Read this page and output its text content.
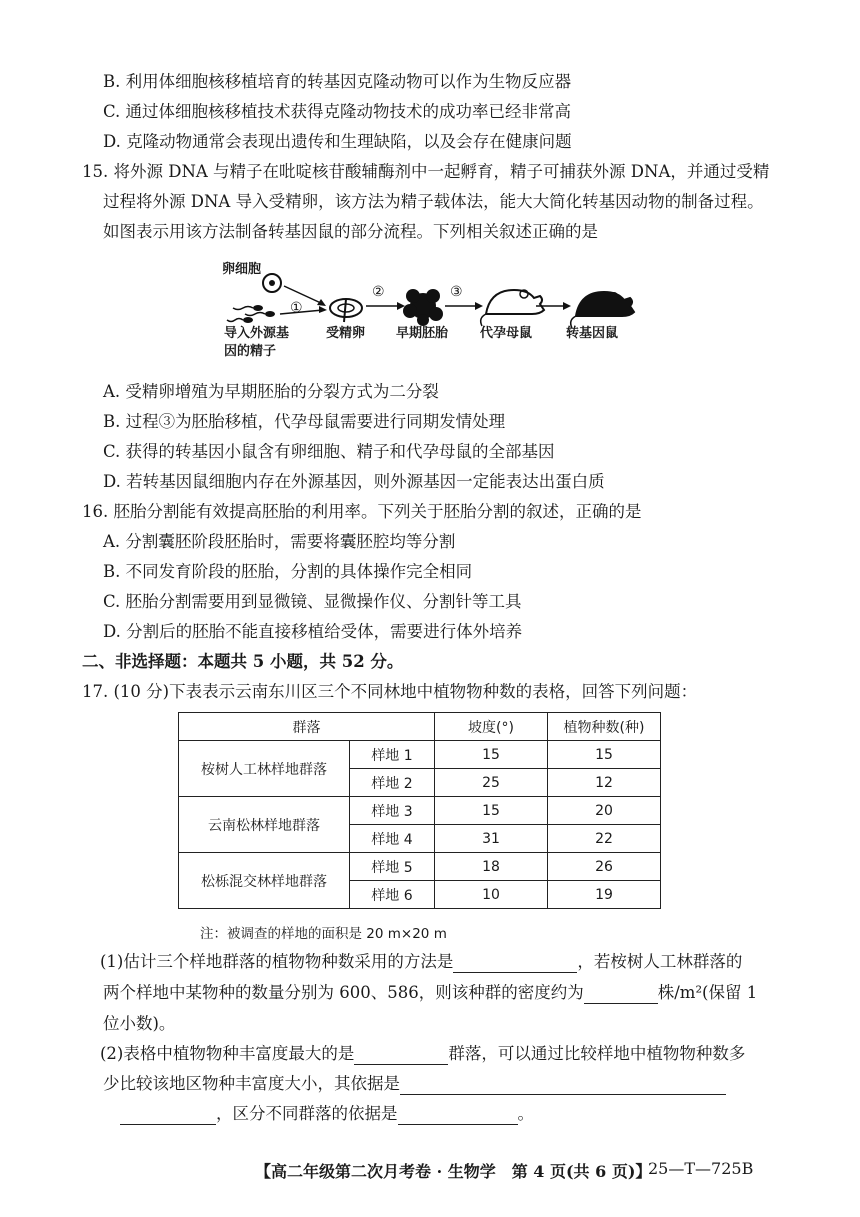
B. 利用体细胞核移植培育的转基因克隆动物可以作为生物反应器
C. 通过体细胞核移植技术获得克隆动物技术的成功率已经非常高
D. 克隆动物通常会表现出遗传和生理缺陷，以及会存在健康问题
15. 将外源 DNA 与精子在吡啶核苷酸辅酶剂中一起孵育，精子可捕获外源 DNA，并通过受精
过程将外源 DNA 导入受精卵，该方法为精子载体法，能大大简化转基因动物的制备过程。
如图表示用该方法制备转基因鼠的部分流程。下列相关叙述正确的是
卵细胞
导入外源基
因的精子
①
②	③
受精卵 早期胚胎 代孕母鼠	转基因鼠
A. 受精卵增殖为早期胚胎的分裂方式为二分裂
B. 过程③为胚胎移植，代孕母鼠需要进行同期发情处理
C. 获得的转基因小鼠含有卵细胞、精子和代孕母鼠的全部基因
D. 若转基因鼠细胞内存在外源基因，则外源基因一定能表达出蛋白质
16. 胚胎分割能有效提高胚胎的利用率。下列关于胚胎分割的叙述，正确的是
A. 分割囊胚阶段胚胎时，需要将囊胚腔均等分割
B. 不同发育阶段的胚胎，分割的具体操作完全相同
C. 胚胎分割需要用到显微镜、显微操作仪、分割针等工具
D. 分割后的胚胎不能直接移植给受体，需要进行体外培养
二、非选择题：本题共 5 小题，共 52 分。
17. (10 分)下表表示云南东川区三个不同林地中植物物种数的表格，回答下列问题：
群落		坡度(°)	植物种数(种)
桉树人工林样地群落	样地 1	15	15
	样地 2	25	12
云南松林样地群落	样地 3	15	20
	样地 4	31	22
松栎混交林样地群落	样地 5	18	26
	样地 6	10	19
注：被调查的样地的面积是 20 m×20 m
(1)估计三个样地群落的植物物种数采用的方法是	，若桉树人工林群落的
两个样地中某物种的数量分别为 600、586，则该种群的密度约为	株/m²(保留 1
位小数)。
(2)表格中植物物种丰富度最大的是	群落，可以通过比较样地中植物物种数多
少比较该地区物种丰富度大小，其依据是
，区分不同群落的依据是	。
【高二年级第二次月考卷 · 生物学　第 4 页(共 6 页)】
25—T—725B
